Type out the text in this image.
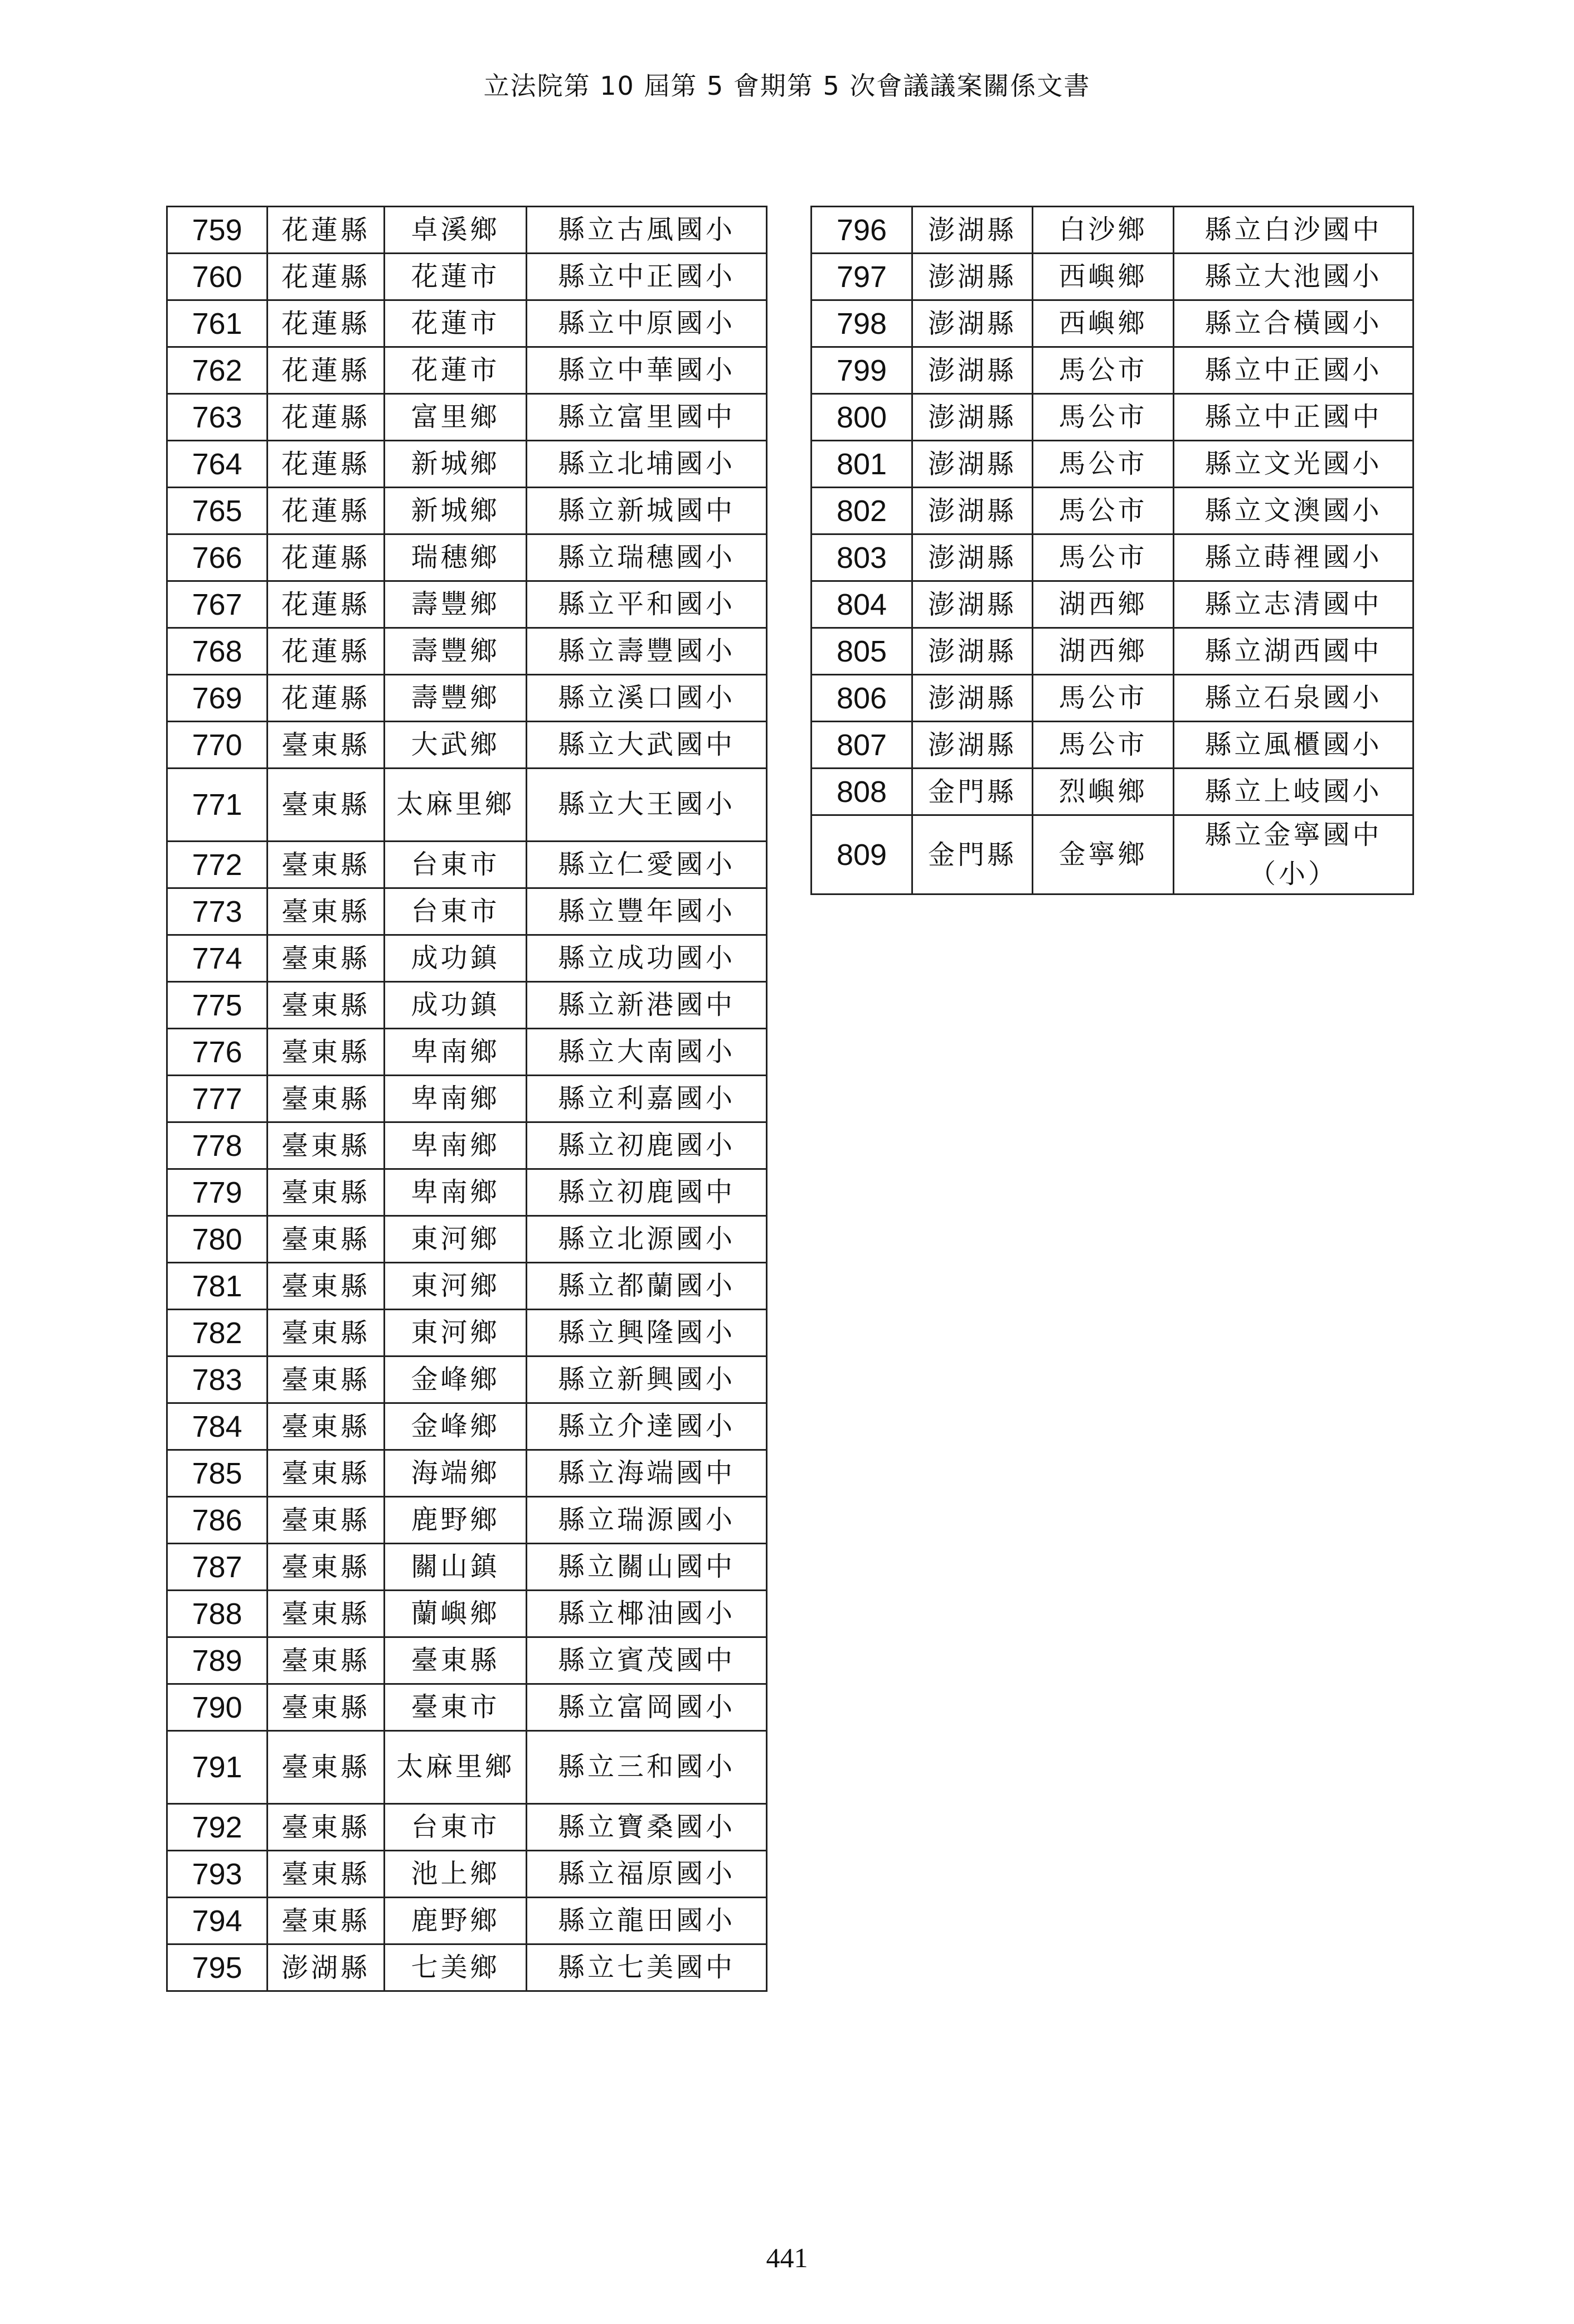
立法院第 10 屆第 5 會期第 5 次會議議案關係文書
759	花蓮縣	卓溪鄉	縣立古風國小
760	花蓮縣	花蓮市	縣立中正國小
761	花蓮縣	花蓮市	縣立中原國小
762	花蓮縣	花蓮市	縣立中華國小
763	花蓮縣	富里鄉	縣立富里國中
764	花蓮縣	新城鄉	縣立北埔國小
765	花蓮縣	新城鄉	縣立新城國中
766	花蓮縣	瑞穗鄉	縣立瑞穗國小
767	花蓮縣	壽豐鄉	縣立平和國小
768	花蓮縣	壽豐鄉	縣立壽豐國小
769	花蓮縣	壽豐鄉	縣立溪口國小
770	臺東縣	大武鄉	縣立大武國中
771	臺東縣	太麻里鄉	縣立大王國小
772	臺東縣	台東市	縣立仁愛國小
773	臺東縣	台東市	縣立豐年國小
774	臺東縣	成功鎮	縣立成功國小
775	臺東縣	成功鎮	縣立新港國中
776	臺東縣	卑南鄉	縣立大南國小
777	臺東縣	卑南鄉	縣立利嘉國小
778	臺東縣	卑南鄉	縣立初鹿國小
779	臺東縣	卑南鄉	縣立初鹿國中
780	臺東縣	東河鄉	縣立北源國小
781	臺東縣	東河鄉	縣立都蘭國小
782	臺東縣	東河鄉	縣立興隆國小
783	臺東縣	金峰鄉	縣立新興國小
784	臺東縣	金峰鄉	縣立介達國小
785	臺東縣	海端鄉	縣立海端國中
786	臺東縣	鹿野鄉	縣立瑞源國小
787	臺東縣	關山鎮	縣立關山國中
788	臺東縣	蘭嶼鄉	縣立椰油國小
789	臺東縣	臺東縣	縣立賓茂國中
790	臺東縣	臺東市	縣立富岡國小
791	臺東縣	太麻里鄉	縣立三和國小
792	臺東縣	台東市	縣立寶桑國小
793	臺東縣	池上鄉	縣立福原國小
794	臺東縣	鹿野鄉	縣立龍田國小
795	澎湖縣	七美鄉	縣立七美國中
796	澎湖縣	白沙鄉	縣立白沙國中
797	澎湖縣	西嶼鄉	縣立大池國小
798	澎湖縣	西嶼鄉	縣立合橫國小
799	澎湖縣	馬公市	縣立中正國小
800	澎湖縣	馬公市	縣立中正國中
801	澎湖縣	馬公市	縣立文光國小
802	澎湖縣	馬公市	縣立文澳國小
803	澎湖縣	馬公市	縣立蒔裡國小
804	澎湖縣	湖西鄉	縣立志清國中
805	澎湖縣	湖西鄉	縣立湖西國中
806	澎湖縣	馬公市	縣立石泉國小
807	澎湖縣	馬公市	縣立風櫃國小
808	金門縣	烈嶼鄉	縣立上岐國小
809	金門縣	金寧鄉	縣立金寧國中（小）
441
